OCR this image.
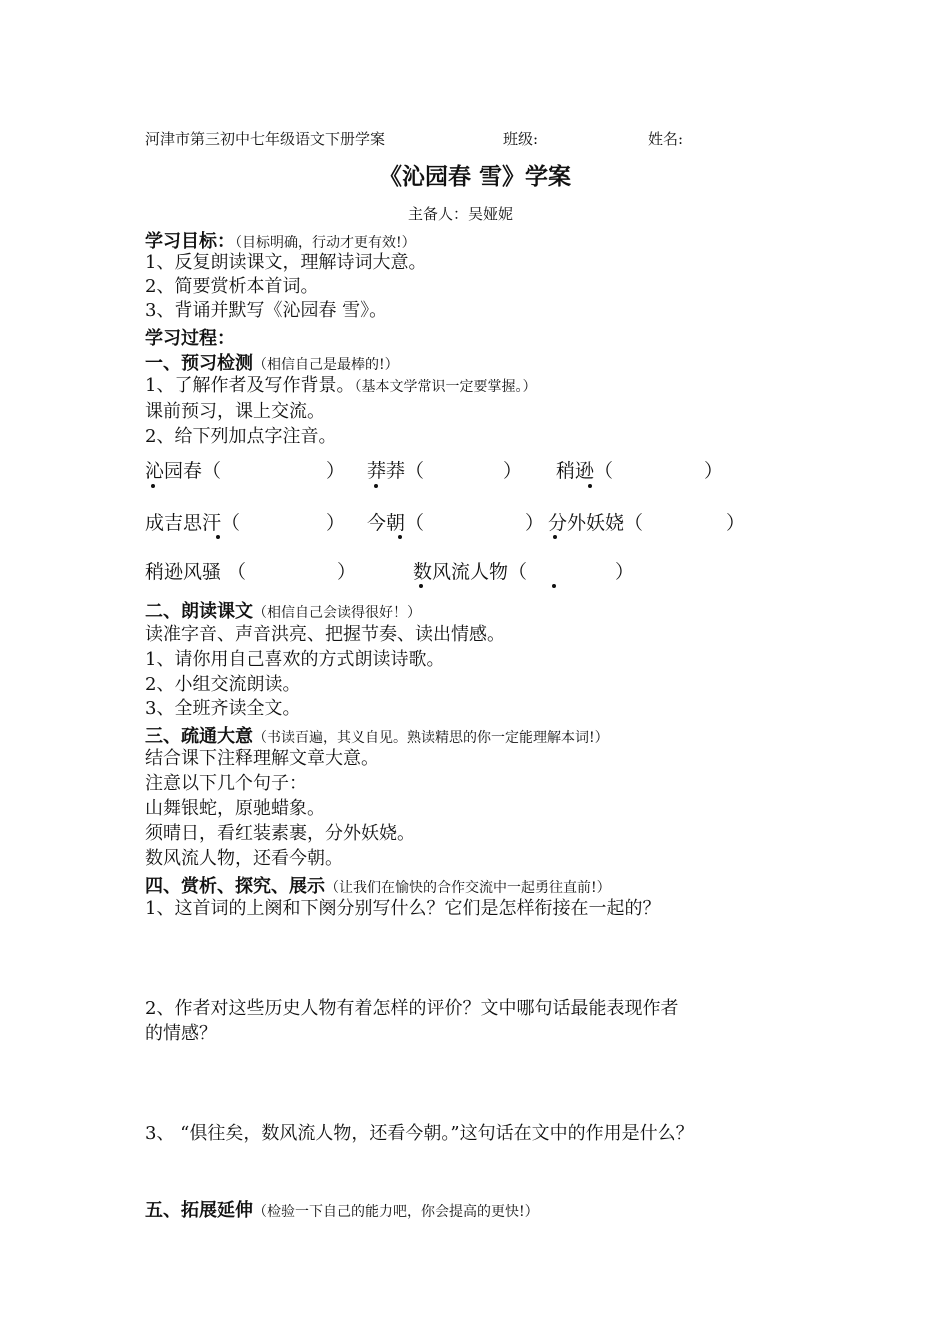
河津市第三初中七年级语文下册学案	班级:	姓名:
《沁园春 雪》学案
主备人：吴娅妮
学习目标：（目标明确，行动才更有效!）
1、反复朗读课文，理解诗词大意。
2、简要赏析本首词。
3、背诵并默写《沁园春 雪》。
学习过程：
一、预习检测（相信自己是最棒的!）
1、了解作者及写作背景。（基本文学常识一定要掌握。）
课前预习，课上交流。
2、给下列加点字注音。
沁园春（	） 莽莽（	） 稍逊（	）
成吉思汗（	） 今朝（	） 分外妖娆（	）
稍逊风骚 （	）	数风流人物（	）
二、朗读课文（相信自己会读得很好！）
读准字音、声音洪亮、把握节奏、读出情感。
1、请你用自己喜欢的方式朗读诗歌。
2、小组交流朗读。
3、全班齐读全文。
三、疏通大意（书读百遍，其义自见。熟读精思的你一定能理解本词!）
结合课下注释理解文章大意。
注意以下几个句子：
山舞银蛇，原驰蜡象。
须晴日，看红装素裹，分外妖娆。
数风流人物，还看今朝。
四、赏析、探究、展示（让我们在愉快的合作交流中一起勇往直前!）
1、这首词的上阕和下阕分别写什么？它们是怎样衔接在一起的？
2、作者对这些历史人物有着怎样的评价？文中哪句话最能表现作者
的情感？
3、 “俱往矣，数风流人物，还看今朝。”这句话在文中的作用是什么？
五、拓展延伸（检验一下自己的能力吧，你会提高的更快!）
